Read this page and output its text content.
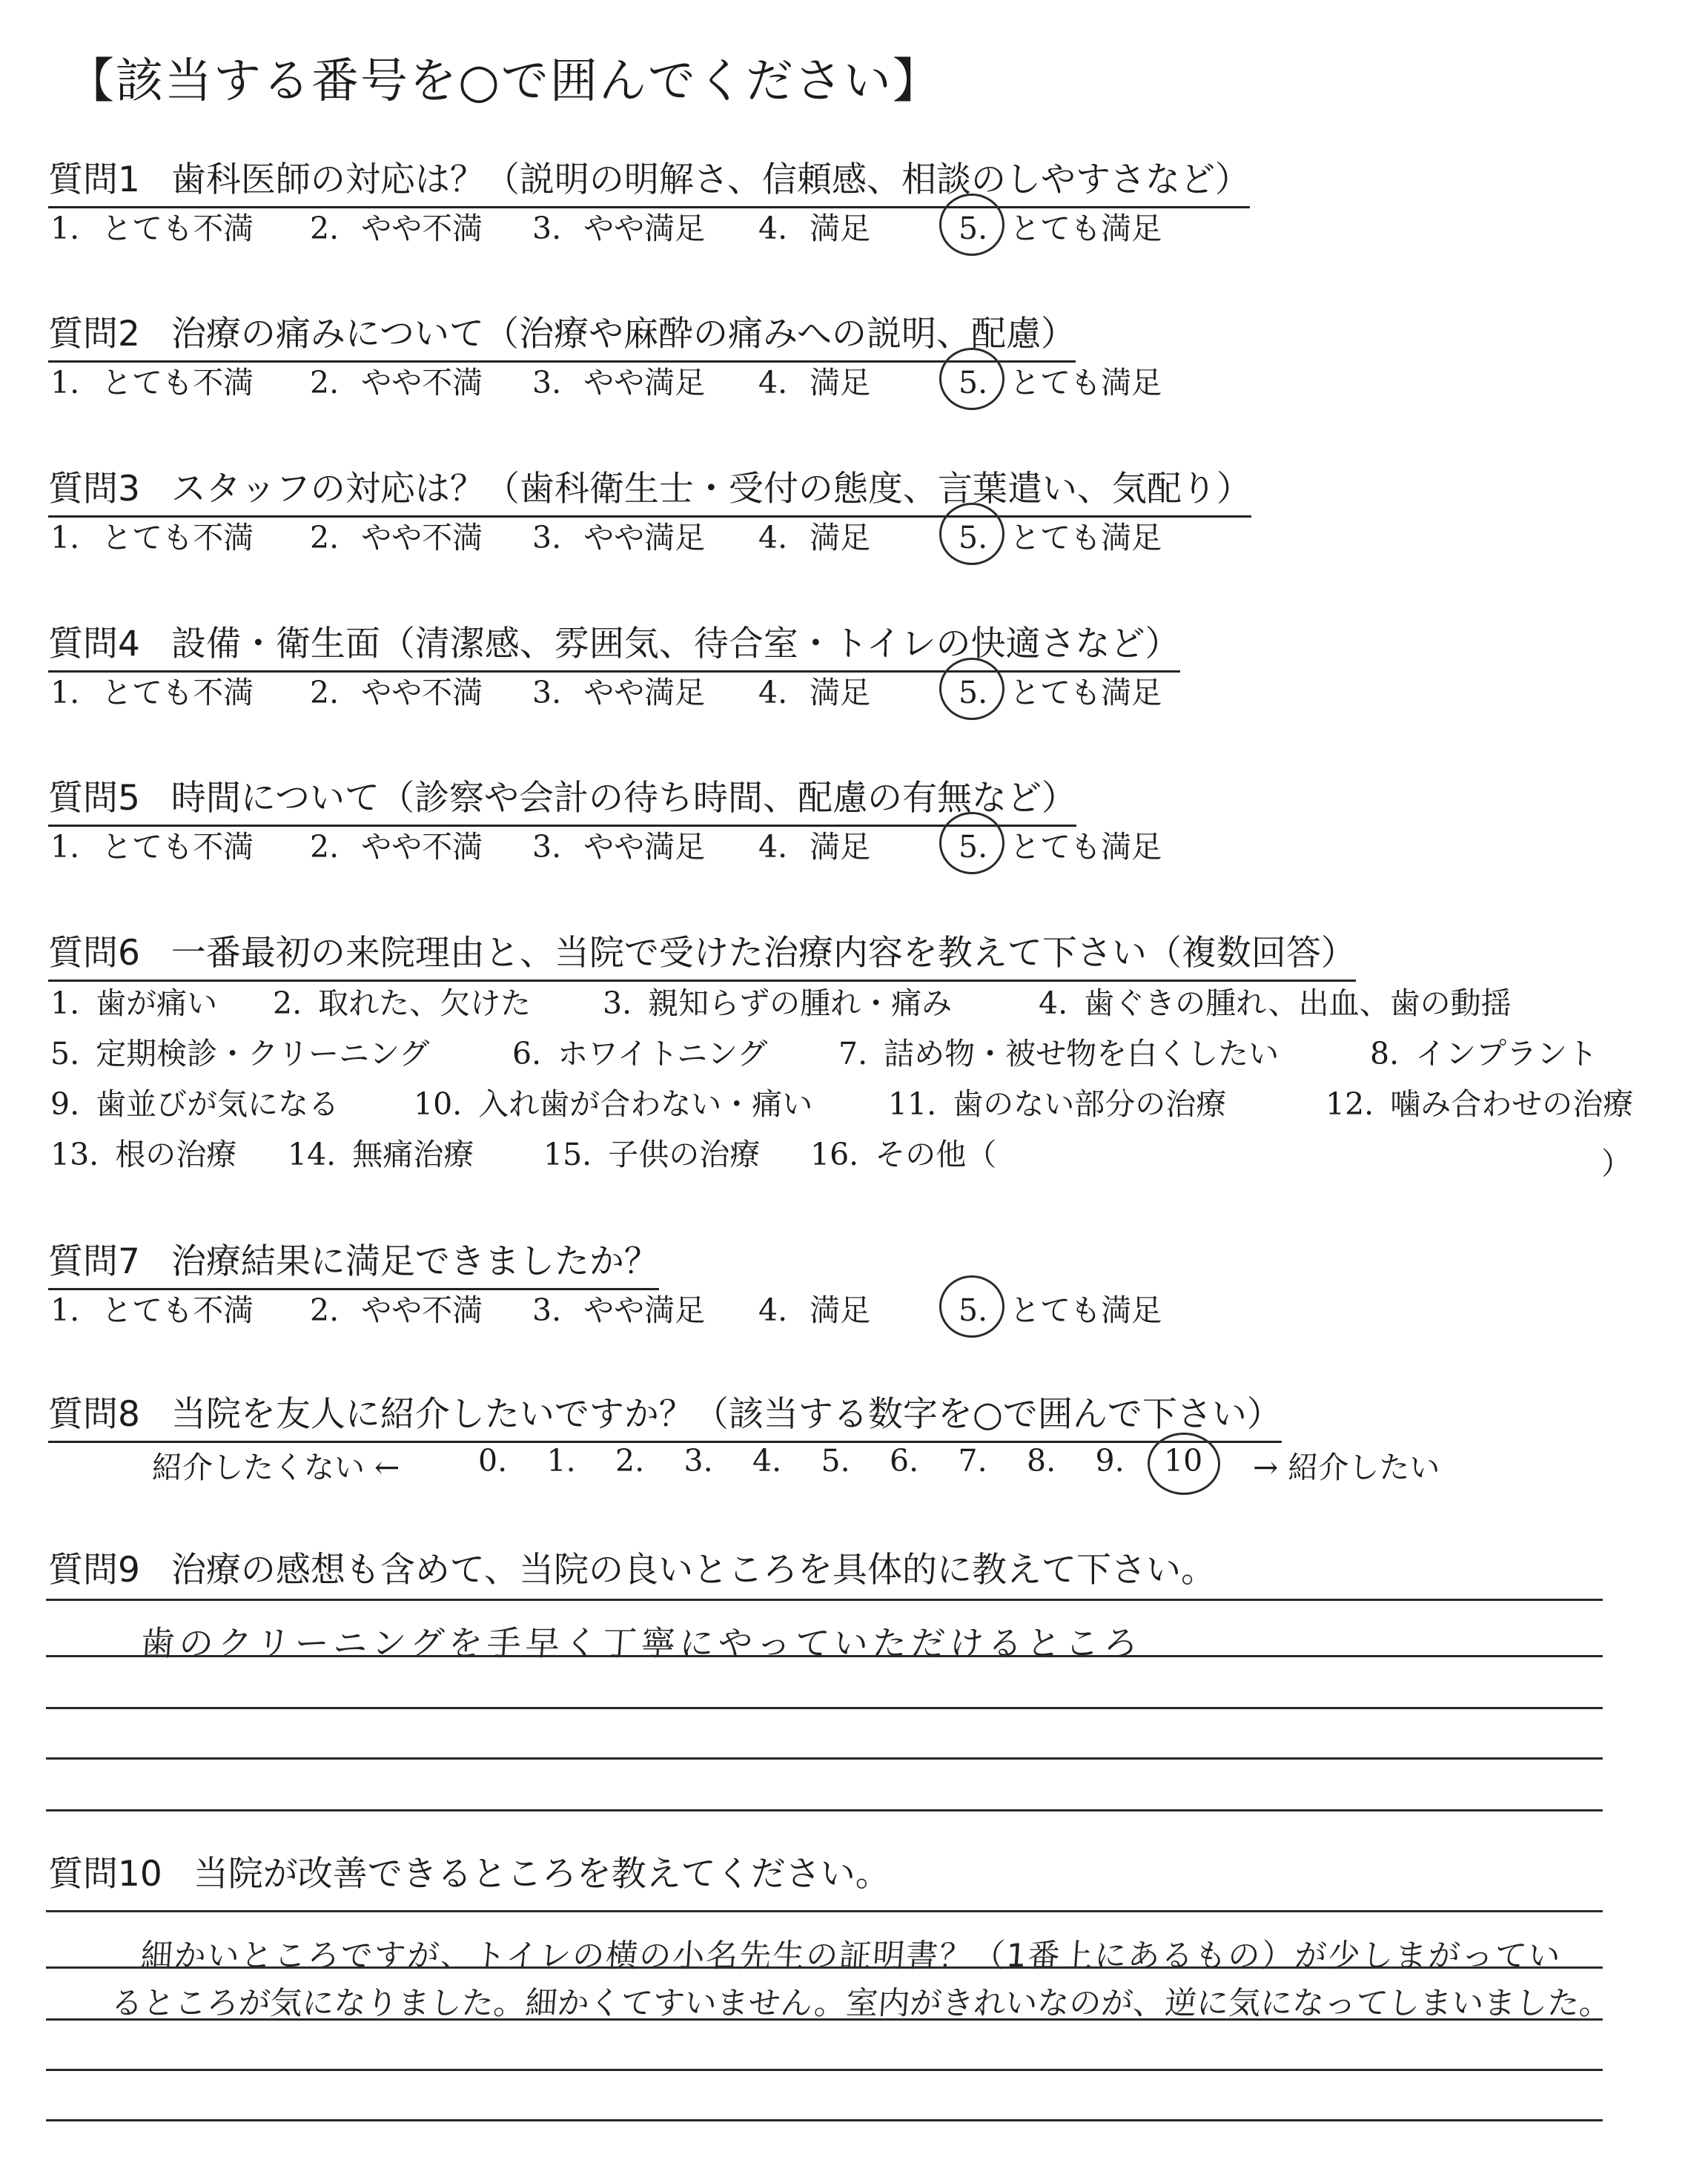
【該当する番号を○で囲んでください】
質問1 歯科医師の対応は？（説明の明解さ、信頼感、相談のしやすさなど）
1. とても不満 2. やや不満 3. やや満足 4. 満足	5. とても満足
質問2 治療の痛みについて（治療や麻酔の痛みへの説明、配慮）
1. とても不満 2. やや不満 3. やや満足 4. 満足	5. とても満足
質問3 スタッフの対応は？（歯科衛生士・受付の態度、言葉遣い、気配り）
1. とても不満 2. やや不満 3. やや満足 4. 満足	5. とても満足
質問4 設備・衛生面（清潔感、雰囲気、待合室・トイレの快適さなど）
1. とても不満 2. やや不満 3. やや満足 4. 満足	5. とても満足
質問5 時間について（診察や会計の待ち時間、配慮の有無など）
1. とても不満 2. やや不満 3. やや満足 4. 満足	5. とても満足
質問6 一番最初の来院理由と、当院で受けた治療内容を教えて下さい（複数回答）
1. 歯が痛い 2. 取れた、欠けた 3. 親知らずの腫れ・痛み	4. 歯ぐきの腫れ、出血、歯の動揺
5. 定期検診・クリーニング	6. ホワイトニング 7. 詰め物・被せ物を白くしたい	8. インプラント
9. 歯並びが気になる 10. 入れ歯が合わない・痛い 11. 歯のない部分の治療	12. 噛み合わせの治療
13. 根の治療 14. 無痛治療 15. 子供の治療 16. その他（	）
質問7 治療結果に満足できましたか？
1. とても不満 2. やや不満 3. やや満足 4. 満足	5. とても満足
質問8 当院を友人に紹介したいですか？（該当する数字を○で囲んで下さい）
紹介したくない ←	→ 紹介したい
0. 1. 2. 3. 4. 5. 6. 7. 8. 9. 10
質問9 治療の感想も含めて、当院の良いところを具体的に教えて下さい。
歯のクリーニングを手早く丁寧にやっていただけるところ
質問10 当院が改善できるところを教えてください。
細かいところですが、トイレの横の小名先生の証明書？（1番上にあるもの）が少しまがってい
るところが気になりました。細かくてすいません。室内がきれいなのが、逆に気になってしまいました。
